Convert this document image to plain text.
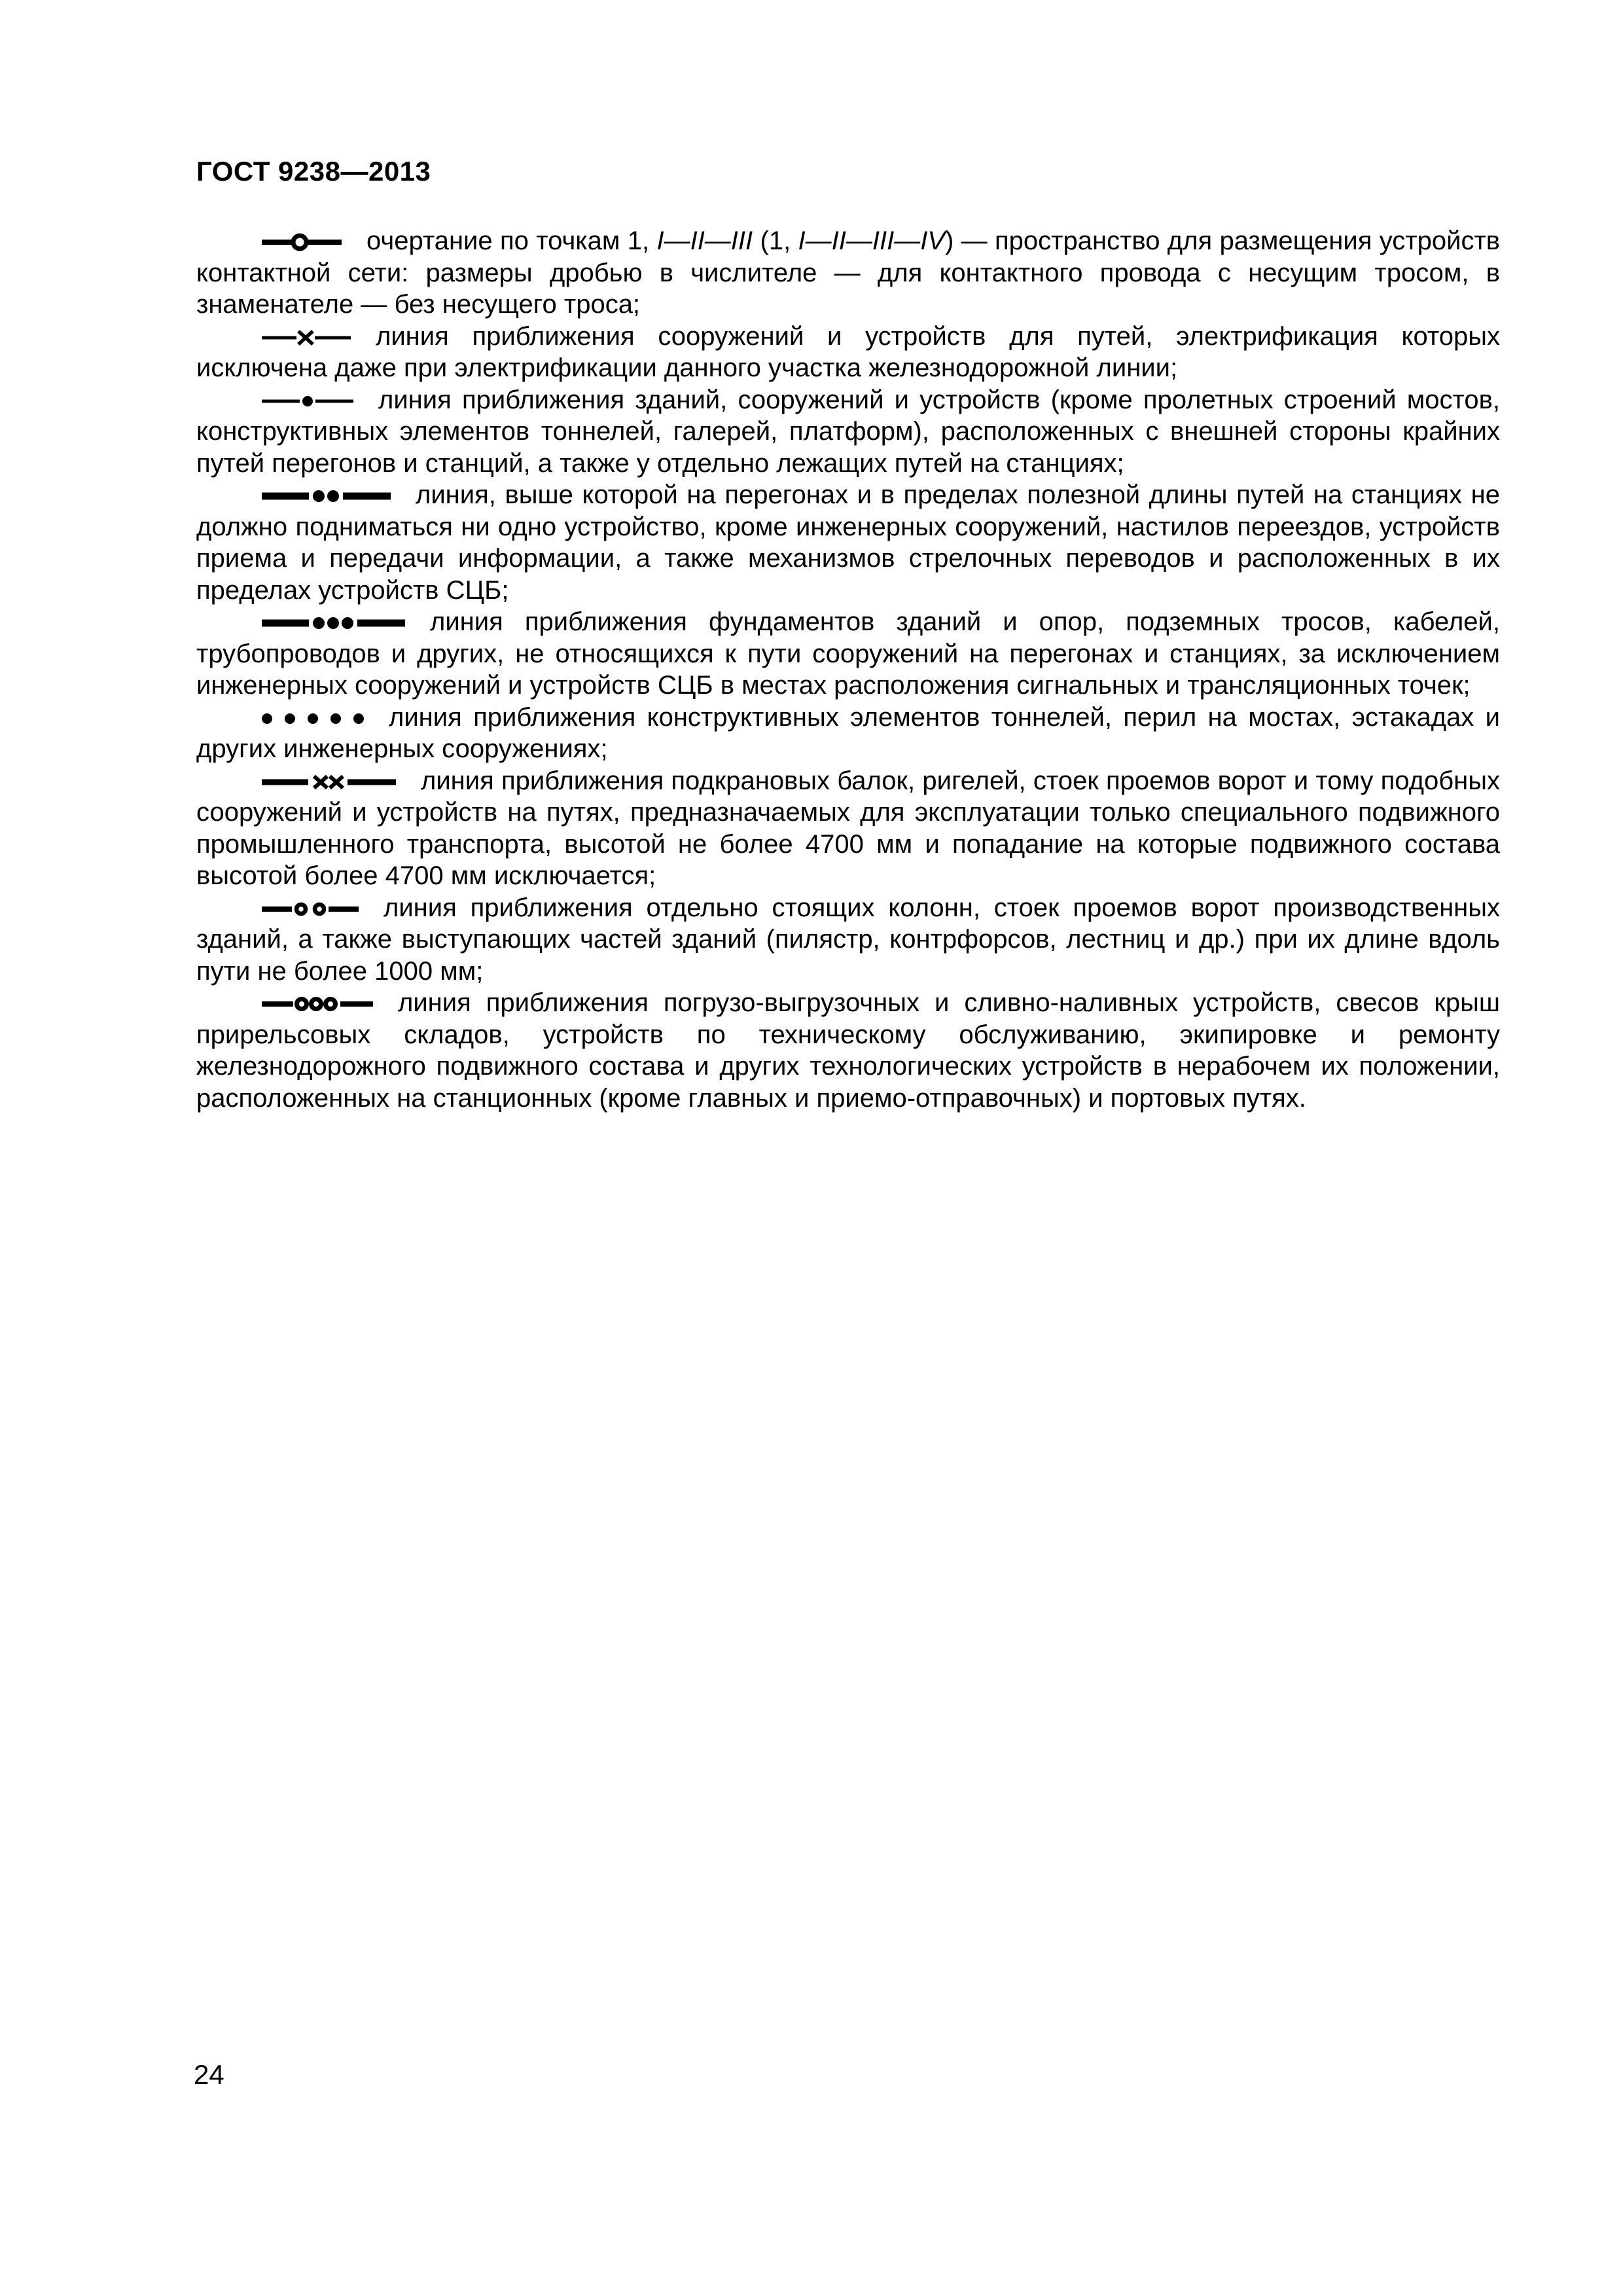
ГОСТ 9238—2013

очертание по точкам 1, I—II—III (1, I—II—III—IV) — пространство для размещения устройств контактной сети: размеры дробью в числителе — для контактного провода с несущим тросом, в знаменателе — без несущего троса;

линия приближения сооружений и устройств для путей, электрификация которых исключена даже при электрификации данного участка железнодорожной линии;

линия приближения зданий, сооружений и устройств (кроме пролетных строений мостов, конструктивных элементов тоннелей, галерей, платформ), расположенных с внешней стороны крайних путей перегонов и станций, а также у отдельно лежащих путей на станциях;

линия, выше которой на перегонах и в пределах полезной длины путей на станциях не должно подниматься ни одно устройство, кроме инженерных сооружений, настилов переездов, устройств приема и передачи информации, а также механизмов стрелочных переводов и расположенных в их пределах устройств СЦБ;

линия приближения фундаментов зданий и опор, подземных тросов, кабелей, трубопроводов и других, не относящихся к пути сооружений на перегонах и станциях, за исключением инженерных сооружений и устройств СЦБ в местах расположения сигнальных и трансляционных точек;

линия приближения конструктивных элементов тоннелей, перил на мостах, эстакадах и других инженерных сооружениях;

линия приближения подкрановых балок, ригелей, стоек проемов ворот и тому подобных сооружений и устройств на путях, предназначаемых для эксплуатации только специального подвижного промышленного транспорта, высотой не более 4700 мм и попадание на которые подвижного состава высотой более 4700 мм исключается;

линия приближения отдельно стоящих колонн, стоек проемов ворот производственных зданий, а также выступающих частей зданий (пилястр, контрфорсов, лестниц и др.) при их длине вдоль пути не более 1000 мм;

линия приближения погрузо-выгрузочных и сливно-наливных устройств, свесов крыш прирельсовых складов, устройств по техническому обслуживанию, экипировке и ремонту железнодорожного подвижного состава и других технологических устройств в нерабочем их положении, расположенных на станционных (кроме главных и приемо-отправочных) и портовых путях.

24
